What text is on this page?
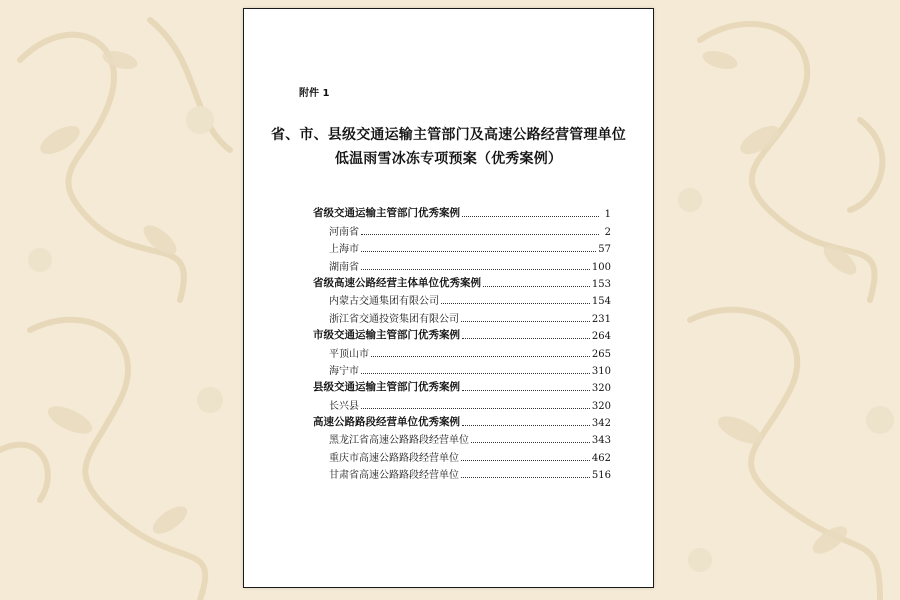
附件 1
省、市、县级交通运输主管部门及高速公路经营管理单位
低温雨雪冰冻专项预案（优秀案例）
省级交通运输主管部门优秀案例	1
河南省	2
上海市	57
湖南省	100
省级高速公路经营主体单位优秀案例	153
内蒙古交通集团有限公司	154
浙江省交通投资集团有限公司	231
市级交通运输主管部门优秀案例	264
平顶山市	265
海宁市	310
县级交通运输主管部门优秀案例	320
长兴县	320
高速公路路段经营单位优秀案例	342
黑龙江省高速公路路段经营单位	343
重庆市高速公路路段经营单位	462
甘肃省高速公路路段经营单位	516
